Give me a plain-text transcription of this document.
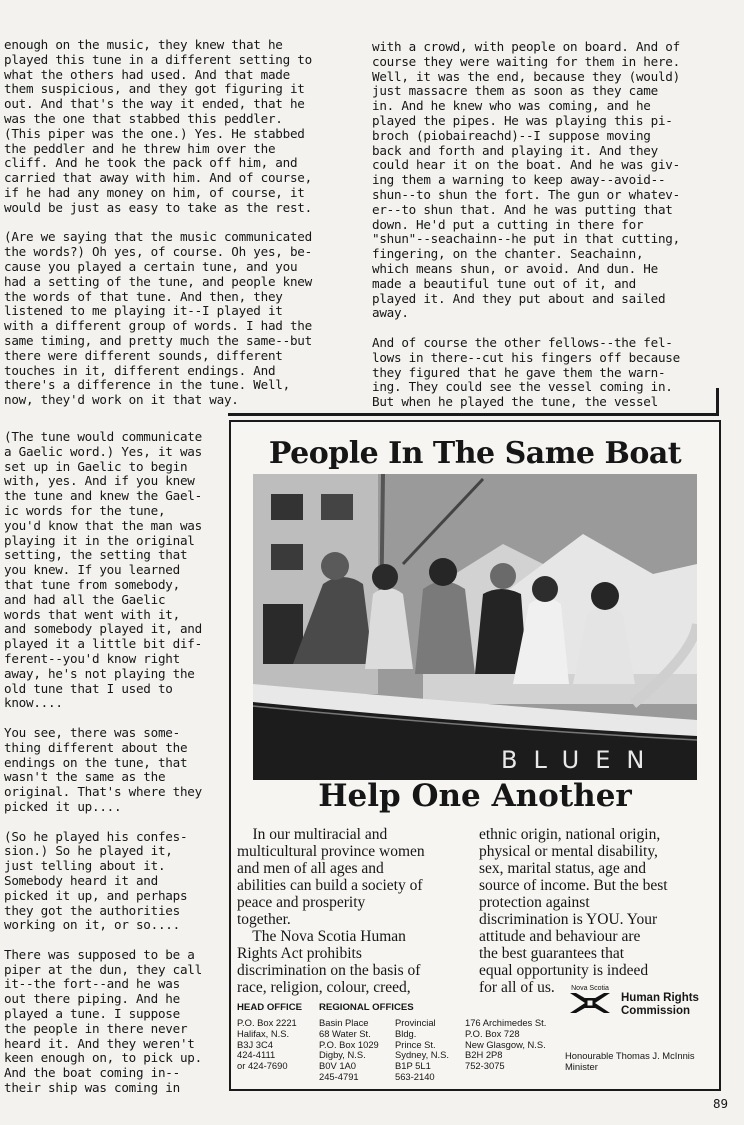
enough on the music, they knew that he
played this tune in a different setting to
what the others had used. And that made
them suspicious, and they got figuring it
out. And that's the way it ended, that he
was the one that stabbed this peddler.
(This piper was the one.) Yes. He stabbed
the peddler and he threw him over the
cliff. And he took the pack off him, and
carried that away with him. And of course,
if he had any money on him, of course, it
would be just as easy to take as the rest.

(Are we saying that the music communicated
the words?) Oh yes, of course. Oh yes, be-
cause you played a certain tune, and you
had a setting of the tune, and people knew
the words of that tune. And then, they
listened to me playing it--I played it
with a different group of words. I had the
same timing, and pretty much the same--but
there were different sounds, different
touches in it, different endings. And
there's a difference in the tune. Well,
now, they'd work on it that way.
with a crowd, with people on board. And of
course they were waiting for them in here.
Well, it was the end, because they (would)
just massacre them as soon as they came
in. And he knew who was coming, and he
played the pipes. He was playing this pi-
broch (piobaireachd)--I suppose moving
back and forth and playing it. And they
could hear it on the boat. And he was giv-
ing them a warning to keep away--avoid--
shun--to shun the fort. The gun or whatev-
er--to shun that. And he was putting that
down. He'd put a cutting in there for
"shun"--seachainn--he put in that cutting,
fingering, on the chanter. Seachainn,
which means shun, or avoid. And dun. He
made a beautiful tune out of it, and
played it. And they put about and sailed
away.

And of course the other fellows--the fel-
lows in there--cut his fingers off because
they figured that he gave them the warn-
ing. They could see the vessel coming in.
But when he played the tune, the vessel
(The tune would communicate
a Gaelic word.) Yes, it was
set up in Gaelic to begin
with, yes. And if you knew
the tune and knew the Gael-
ic words for the tune,
you'd know that the man was
playing it in the original
setting, the setting that
you knew. If you learned
that tune from somebody,
and had all the Gaelic
words that went with it,
and somebody played it, and
played it a little bit dif-
ferent--you'd know right
away, he's not playing the
old tune that I used to
know....

You see, there was some-
thing different about the
endings on the tune, that
wasn't the same as the
original. That's where they
picked it up....

(So he played his confes-
sion.) So he played it,
just telling about it.
Somebody heard it and
picked it up, and perhaps
they got the authorities
working on it, or so....

There was supposed to be a
piper at the dun, they call
it--the fort--and he was
out there piping. And he
played a tune. I suppose
the people in there never
heard it. And they weren't
keen enough on, to pick up.
And the boat coming in--
their ship was coming in
People In The Same Boat
BLUEN
Help One Another
In our multiracial and
multicultural province women
and men of all ages and
abilities can build a society of
peace and prosperity
together.
The Nova Scotia Human
Rights Act prohibits
discrimination on the basis of
race, religion, colour, creed,
ethnic origin, national origin,
physical or mental disability,
sex, marital status, age and
source of income. But the best
protection against
discrimination is YOU. Your
attitude and behaviour are
the best guarantees that
equal opportunity is indeed
for all of us.
HEAD OFFICE REGIONAL OFFICES
P.O. Box 2221
Halifax, N.S.
B3J 3C4
424-4111
or 424-7690
Basin Place
68 Water St.
P.O. Box 1029
Digby, N.S.
B0V 1A0
245-4791
Provincial
Bldg.
Prince St.
Sydney, N.S.
B1P 5L1
563-2140
176 Archimedes St.
P.O. Box 728
New Glasgow, N.S.
B2H 2P8
752-3075
Nova Scotia
Human Rights
Commission
Honourable Thomas J. McInnis
Minister
89
